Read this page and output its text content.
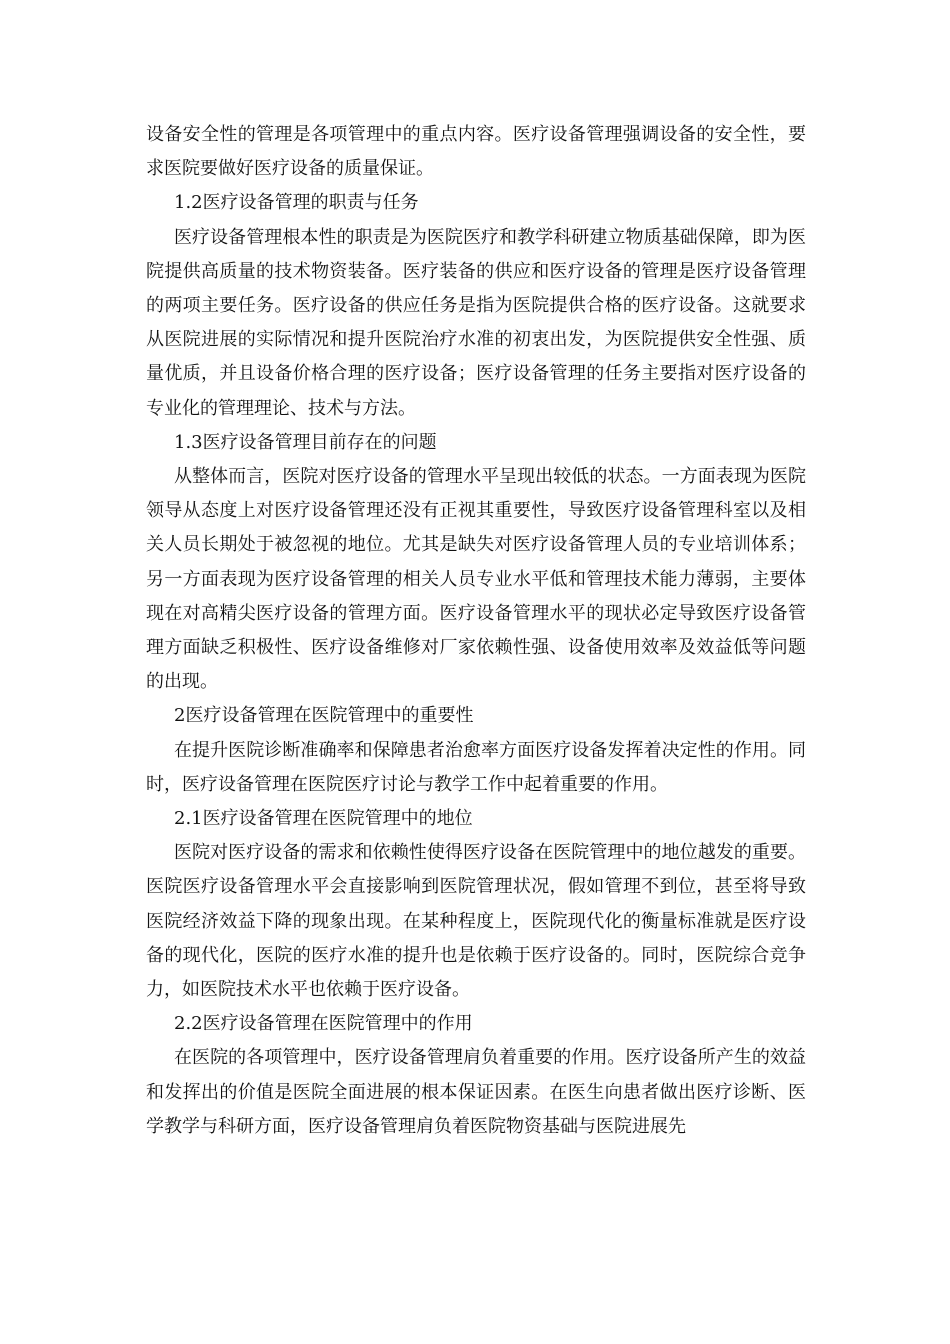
设备安全性的管理是各项管理中的重点内容。医疗设备管理强调设备的安全性，要求医院要做好医疗设备的质量保证。

1.2医疗设备管理的职责与任务

医疗设备管理根本性的职责是为医院医疗和教学科研建立物质基础保障，即为医院提供高质量的技术物资装备。医疗装备的供应和医疗设备的管理是医疗设备管理的两项主要任务。医疗设备的供应任务是指为医院提供合格的医疗设备。这就要求从医院进展的实际情况和提升医院治疗水准的初衷出发，为医院提供安全性强、质量优质，并且设备价格合理的医疗设备；医疗设备管理的任务主要指对医疗设备的专业化的管理理论、技术与方法。

1.3医疗设备管理目前存在的问题

从整体而言，医院对医疗设备的管理水平呈现出较低的状态。一方面表现为医院领导从态度上对医疗设备管理还没有正视其重要性，导致医疗设备管理科室以及相关人员长期处于被忽视的地位。尤其是缺失对医疗设备管理人员的专业培训体系；另一方面表现为医疗设备管理的相关人员专业水平低和管理技术能力薄弱，主要体现在对高精尖医疗设备的管理方面。医疗设备管理水平的现状必定导致医疗设备管理方面缺乏积极性、医疗设备维修对厂家依赖性强、设备使用效率及效益低等问题的出现。

2医疗设备管理在医院管理中的重要性

在提升医院诊断准确率和保障患者治愈率方面医疗设备发挥着决定性的作用。同时，医疗设备管理在医院医疗讨论与教学工作中起着重要的作用。

2.1医疗设备管理在医院管理中的地位

医院对医疗设备的需求和依赖性使得医疗设备在医院管理中的地位越发的重要。医院医疗设备管理水平会直接影响到医院管理状况，假如管理不到位，甚至将导致医院经济效益下降的现象出现。在某种程度上，医院现代化的衡量标准就是医疗设备的现代化，医院的医疗水准的提升也是依赖于医疗设备的。同时，医院综合竞争力，如医院技术水平也依赖于医疗设备。

2.2医疗设备管理在医院管理中的作用

在医院的各项管理中，医疗设备管理肩负着重要的作用。医疗设备所产生的效益和发挥出的价值是医院全面进展的根本保证因素。在医生向患者做出医疗诊断、医学教学与科研方面，医疗设备管理肩负着医院物资基础与医院进展先
